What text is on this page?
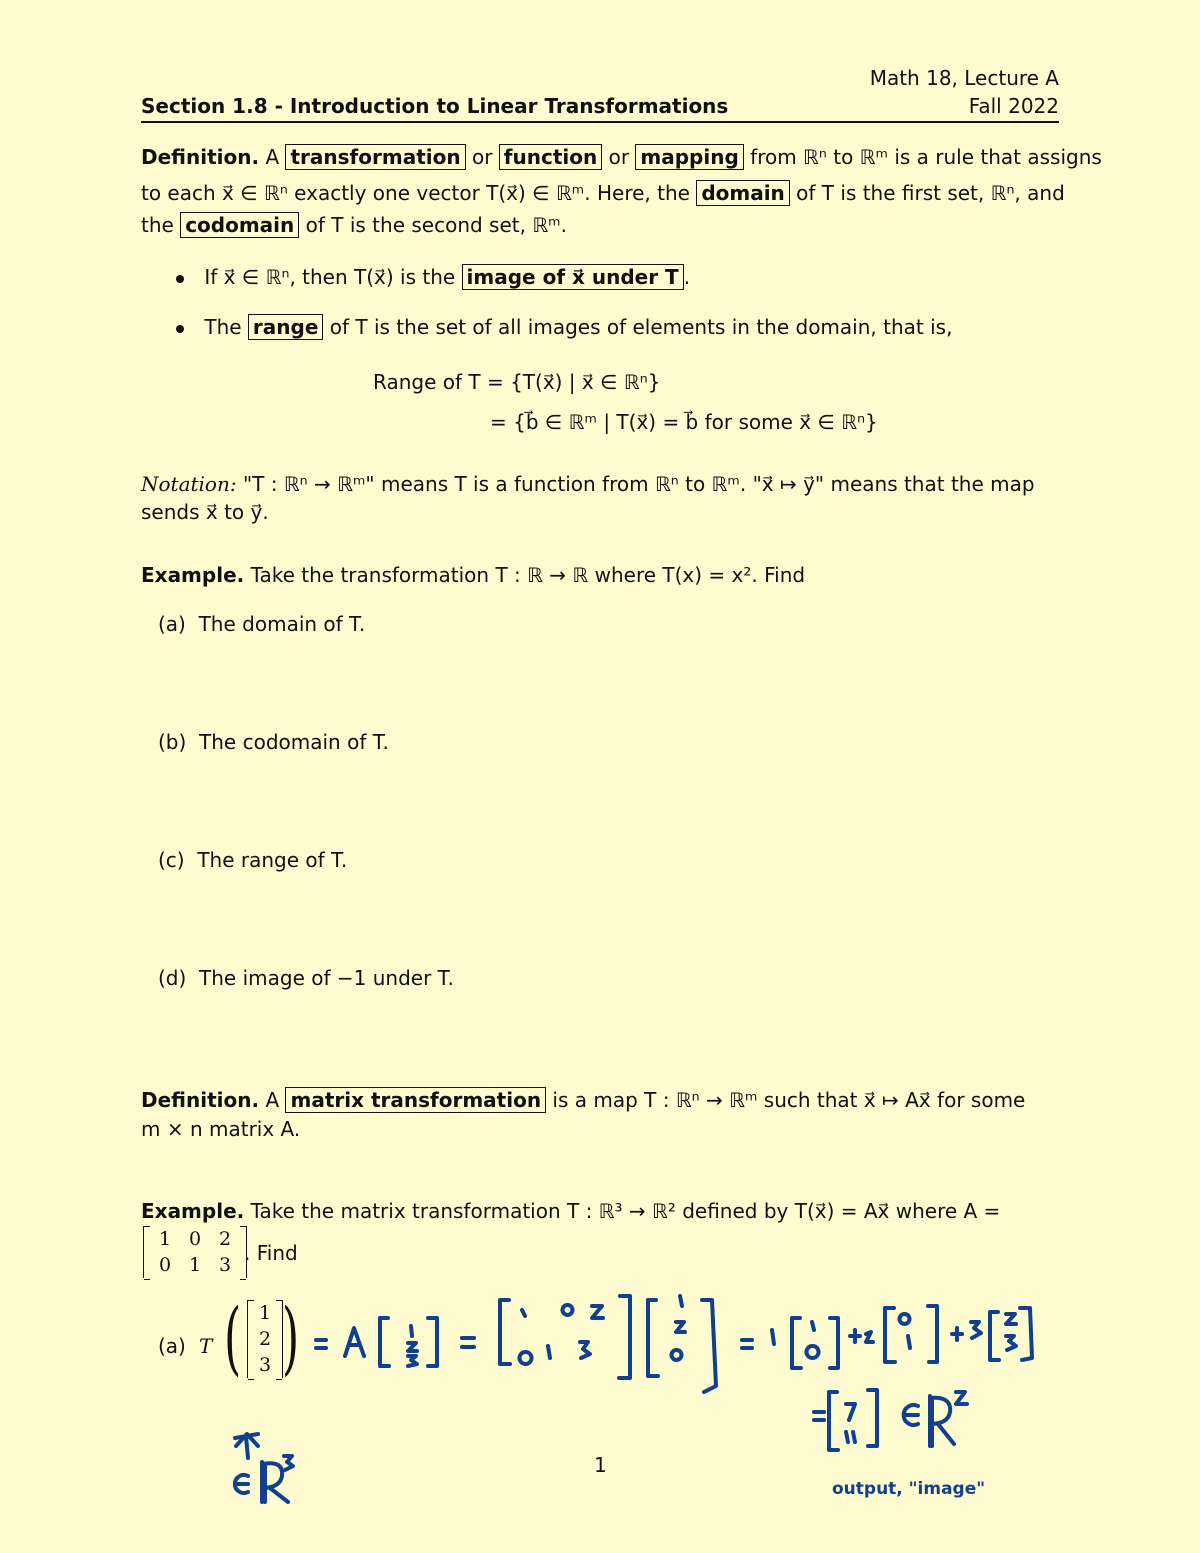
Math 18, Lecture A
Section 1.8 - Introduction to Linear Transformations	Fall 2022
Definition. A transformation or function or mapping from ℝⁿ to ℝᵐ is a rule that assigns
to each x⃗ ∈ ℝⁿ exactly one vector T(x⃗) ∈ ℝᵐ. Here, the domain of T is the first set, ℝⁿ, and
the codomain of T is the second set, ℝᵐ.
If x⃗ ∈ ℝⁿ, then T(x⃗) is the image of x⃗ under T .
The range of T is the set of all images of elements in the domain, that is,
Range of T = {T(x⃗) | x⃗ ∈ ℝⁿ}
= {b⃗ ∈ ℝᵐ | T(x⃗) = b⃗ for some x⃗ ∈ ℝⁿ}
Notation: "T : ℝⁿ → ℝᵐ" means T is a function from ℝⁿ to ℝᵐ. "x⃗ ↦ y⃗" means that the map
sends x⃗ to y⃗.
Example. Take the transformation T : ℝ → ℝ where T(x) = x². Find
(a) The domain of T.
(b) The codomain of T.
(c) The range of T.
(d) The image of −1 under T.
Definition. A matrix transformation is a map T : ℝⁿ → ℝᵐ such that x⃗ ↦ Ax⃗ for some
m × n matrix A.
Example. Take the matrix transformation T : ℝ³ → ℝ² defined by T(x⃗) = Ax⃗ where A =
1 0 2
0 1 3 . Find
(a) T ( 1
2
3 )
output, "image"
1
